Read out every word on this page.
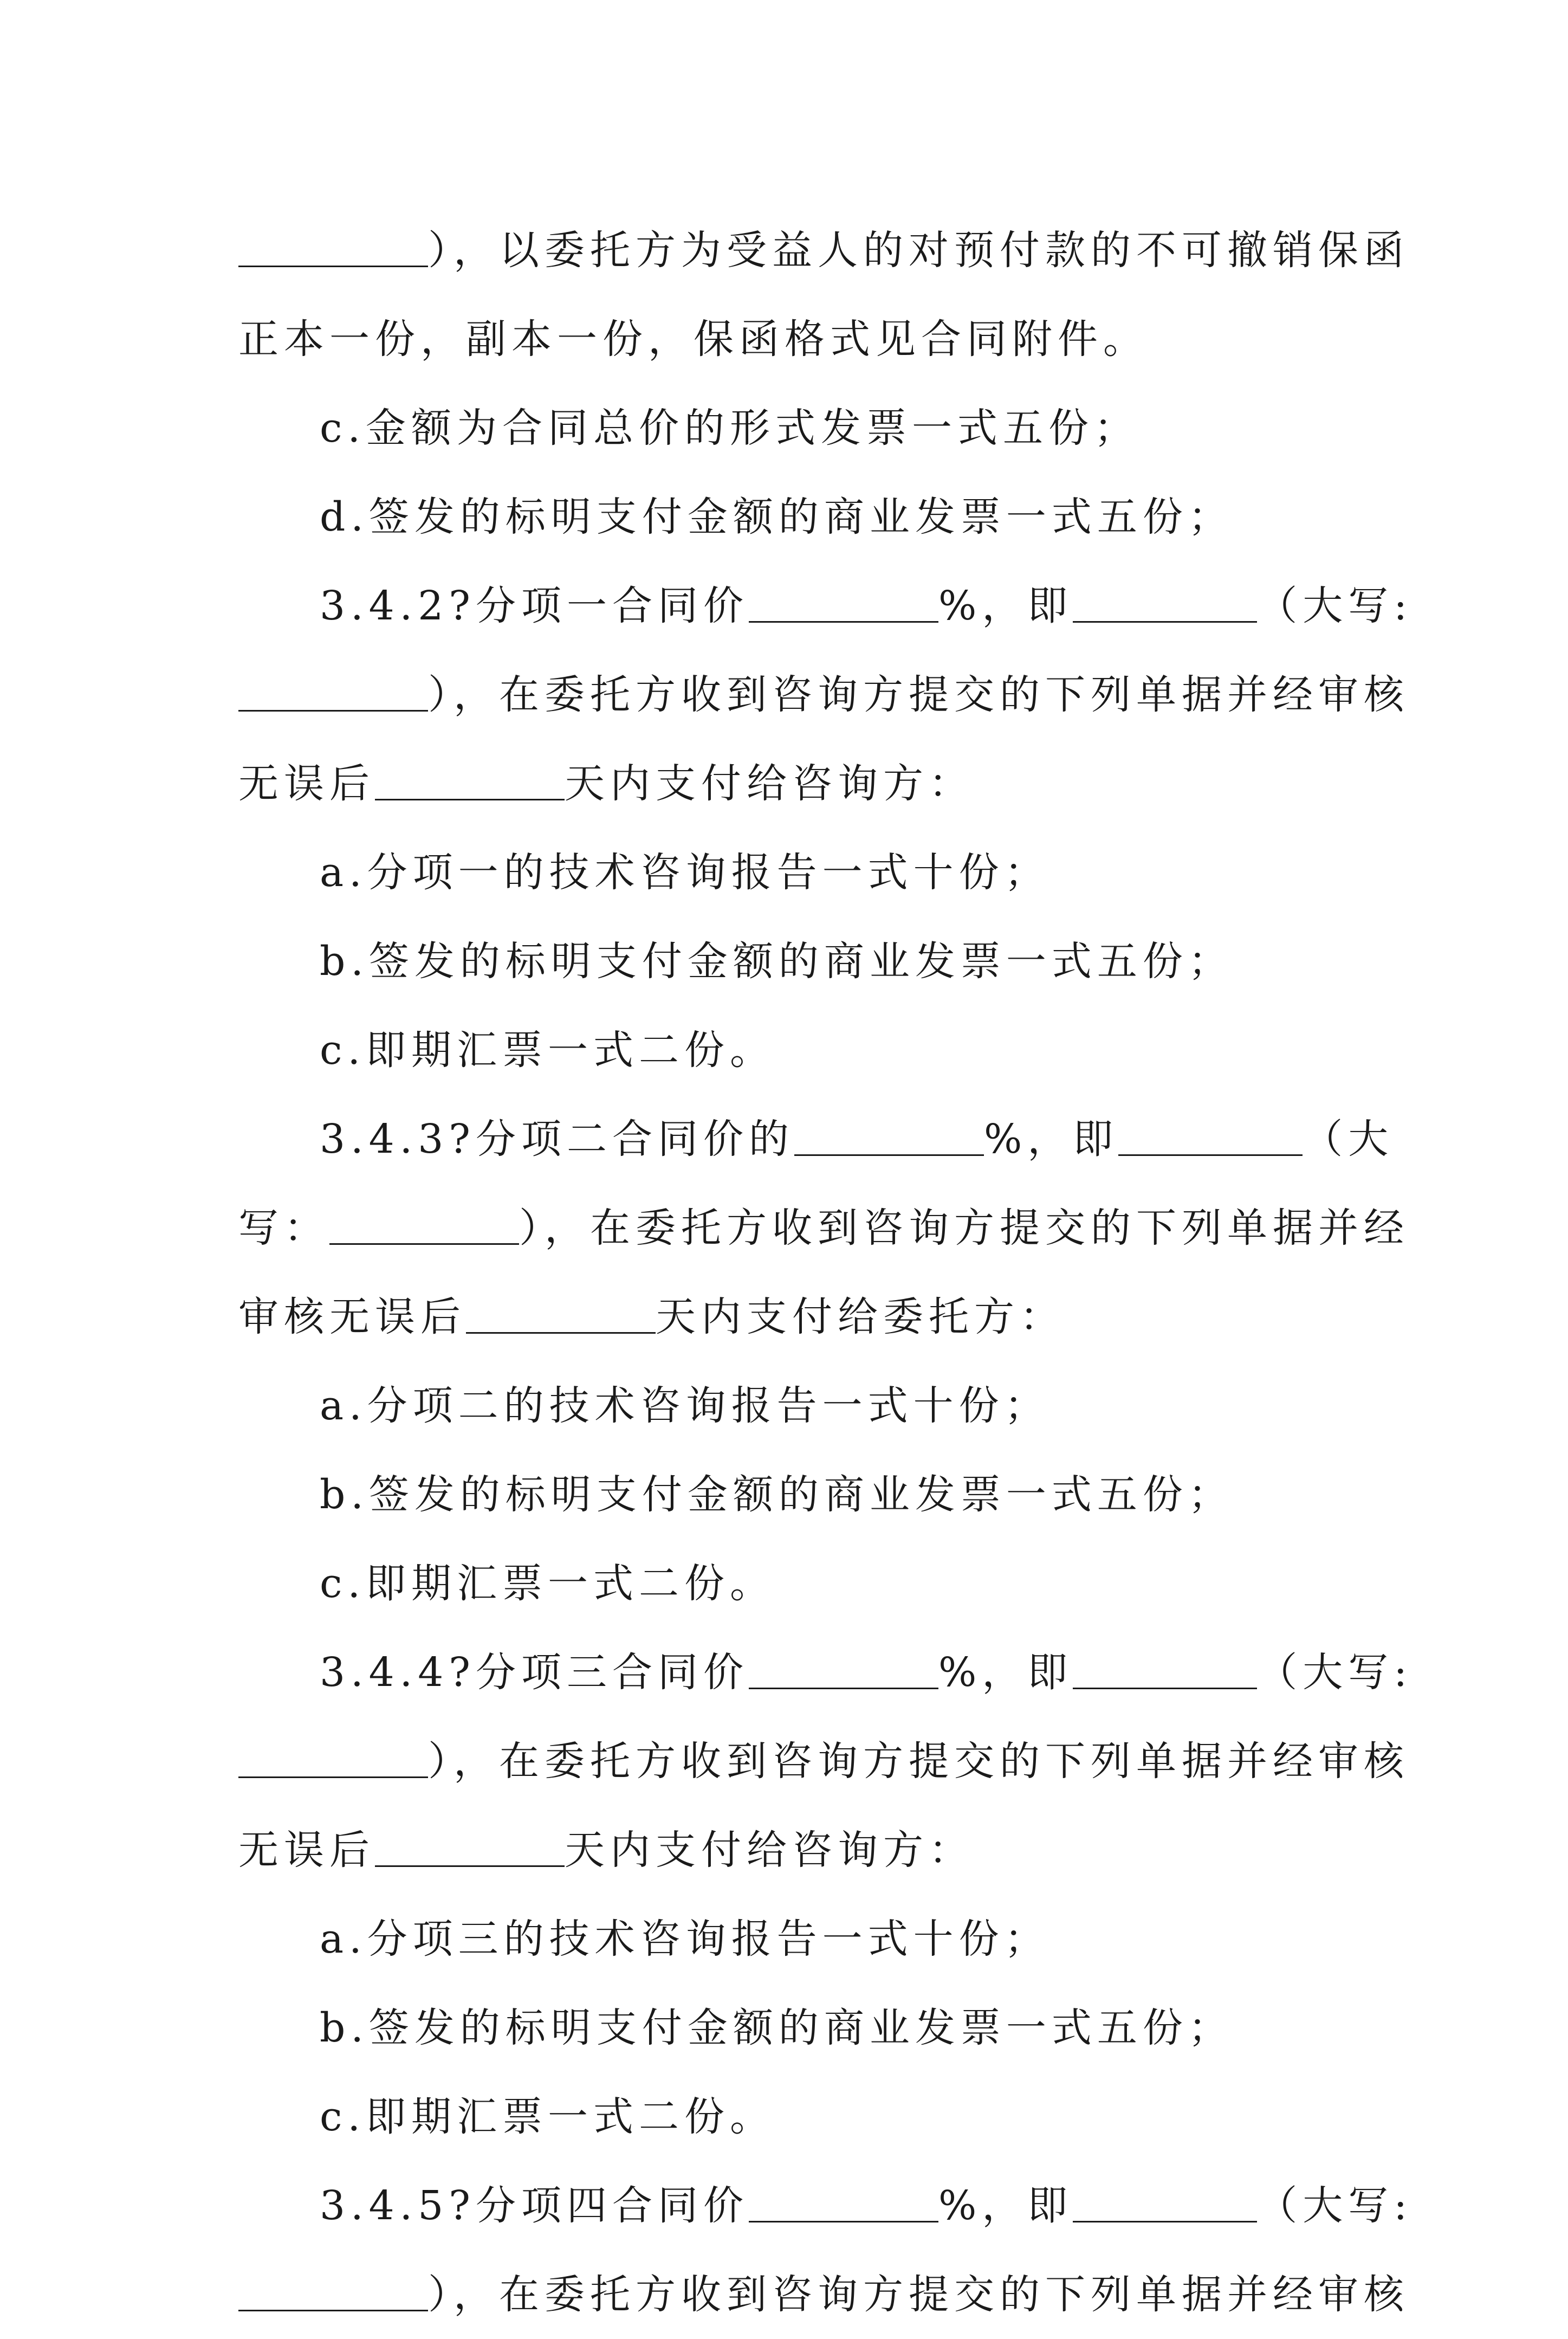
），以委托方为受益人的对预付款的不可撤销保函
正本一份，副本一份，保函格式见合同附件。
c.金额为合同总价的形式发票一式五份；
d.签发的标明支付金额的商业发票一式五份；
3.4.2?分项一合同价	%，即	（大写:
），在委托方收到咨询方提交的下列单据并经审核
无误后	天内支付给咨询方：
a.分项一的技术咨询报告一式十份；
b.签发的标明支付金额的商业发票一式五份；
c.即期汇票一式二份。
3.4.3?分项二合同价的	%，即	（大
写：	），在委托方收到咨询方提交的下列单据并经
审核无误后	天内支付给委托方：
a.分项二的技术咨询报告一式十份；
b.签发的标明支付金额的商业发票一式五份；
c.即期汇票一式二份。
3.4.4?分项三合同价	%，即	（大写:
），在委托方收到咨询方提交的下列单据并经审核
无误后	天内支付给咨询方：
a.分项三的技术咨询报告一式十份；
b.签发的标明支付金额的商业发票一式五份；
c.即期汇票一式二份。
3.4.5?分项四合同价	%，即	（大写:
），在委托方收到咨询方提交的下列单据并经审核
